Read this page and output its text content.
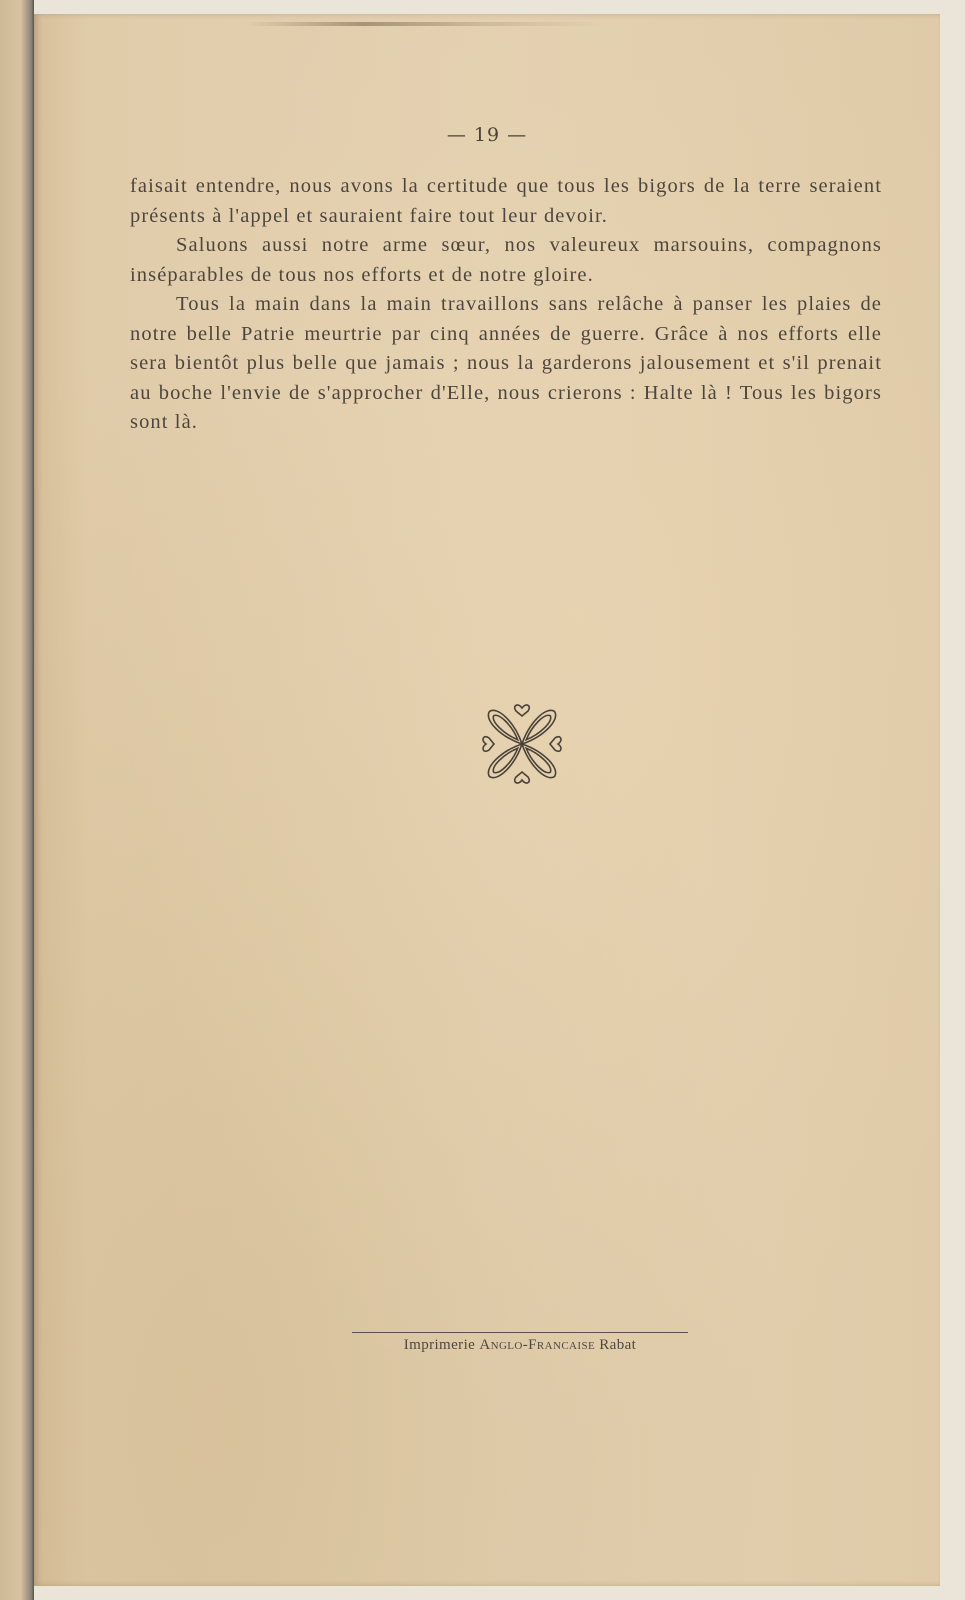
— 19 —

faisait entendre, nous avons la certitude que tous les bigors de la terre seraient présents à l'appel et sauraient faire tout leur devoir.

Saluons aussi notre arme sœur, nos valeureux marsouins, compagnons inséparables de tous nos efforts et de notre gloire.

Tous la main dans la main travaillons sans relâche à panser les plaies de notre belle Patrie meurtrie par cinq années de guerre. Grâce à nos efforts elle sera bientôt plus belle que jamais ; nous la garderons jalousement et s'il prenait au boche l'envie de s'approcher d'Elle, nous crierons : Halte là ! Tous les bigors sont là.

Imprimerie Anglo-Francaise Rabat
